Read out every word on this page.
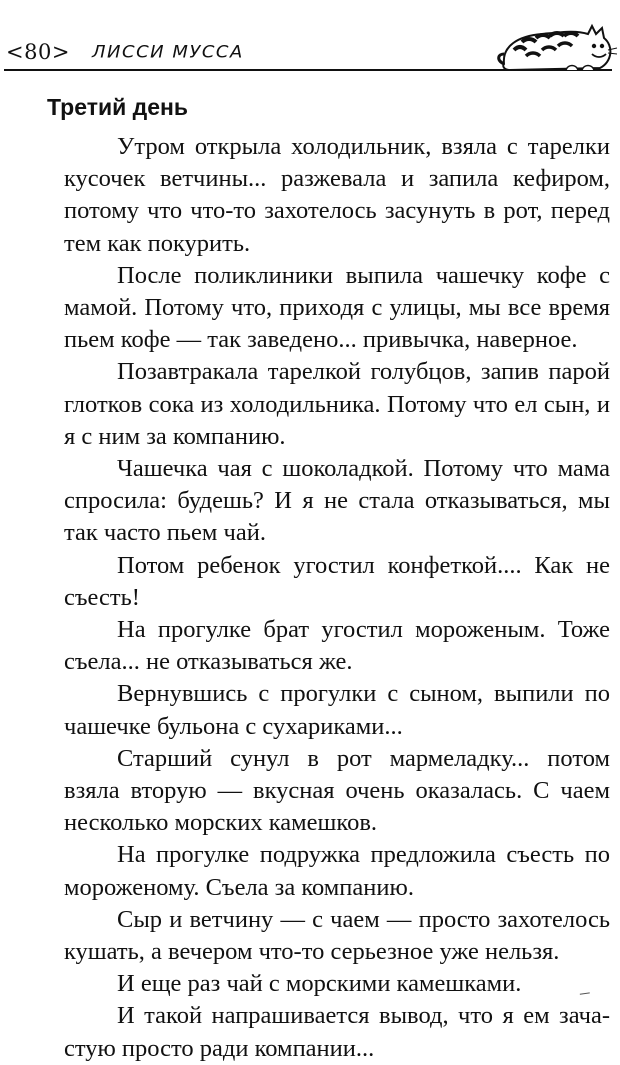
<80> ЛИССИ МУССА
Третий день

Утром открыла холодильник, взяла с тарелки кусочек ветчины... разжевала и запила кефиром, потому что что-то захотелось засунуть в рот, перед тем как покурить.

После поликлиники выпила чашечку кофе с мамой. Потому что, приходя с улицы, мы все время пьем кофе — так заведено... привычка, наверное.

Позавтракала тарелкой голубцов, запив парой глотков сока из холодильника. Потому что ел сын, и я с ним за компанию.

Чашечка чая с шоколадкой. Потому что мама спросила: будешь? И я не стала отказываться, мы так часто пьем чай.

Потом ребенок угостил конфеткой.... Как не съесть!

На прогулке брат угостил мороженым. Тоже съела... не отказываться же.

Вернувшись с прогулки с сыном, выпили по чашечке бульона с сухариками...

Старший сунул в рот мармеладку... потом взяла вторую — вкусная очень оказалась. С чаем несколько морских камешков.

На прогулке подружка предложила съесть по мороженому. Съела за компанию.

Сыр и ветчину — с чаем — просто захотелось кушать, а вечером что-то серьезное уже нельзя.

И еще раз чай с морскими камешками.

И такой напрашивается вывод, что я ем зачастую просто ради компании...
